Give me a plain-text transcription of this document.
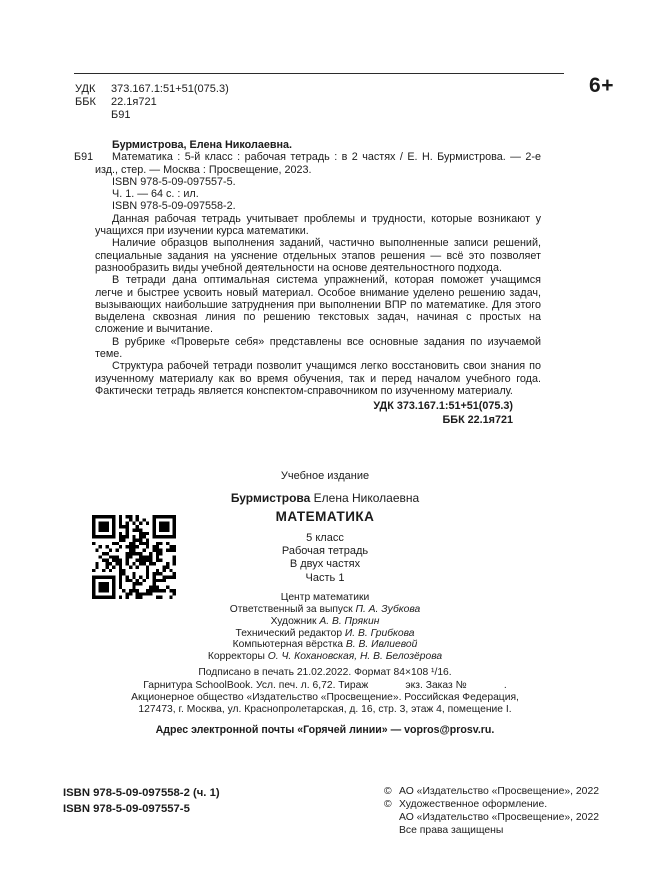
6+
УДК	373.167.1:51+51(075.3)
ББК	22.1я721
Б91

Бурмистрова, Елена Николаевна.

Б91	Математика : 5-й класс : рабочая тетрадь : в 2 частях / Е. Н. Бурмистрова. — 2-е изд., стер. — Москва : Просвещение, 2023.

ISBN 978-5-09-097557-5.

Ч. 1. — 64 с. : ил.

ISBN 978-5-09-097558-2.

Данная рабочая тетрадь учитывает проблемы и трудности, которые возникают у учащихся при изучении курса математики.

Наличие образцов выполнения заданий, частично выполненные записи решений, специальные задания на уяснение отдельных этапов решения — всё это позволяет разнообразить виды учебной деятельности на основе деятельностного подхода.

В тетради дана оптимальная система упражнений, которая поможет учащимся легче и быстрее усвоить новый материал. Особое внимание уделено решению задач, вызывающих наибольшие затруднения при выполнении ВПР по математике. Для этого выделена сквозная линия по решению текстовых задач, начиная с простых на сложение и вычитание.

В рубрике «Проверьте себя» представлены все основные задания по изучаемой теме.

Структура рабочей тетради позволит учащимся легко восстановить свои знания по изученному материалу как во время обучения, так и перед началом учебного года. Фактически тетрадь является конспектом-справочником по изученному материалу.

УДК 373.167.1:51+51(075.3)
ББК 22.1я721
Учебное издание
Бурмистрова Елена Николаевна
МАТЕМАТИКА
5 класс
Рабочая тетрадь
В двух частях
Часть 1
Центр математики
Ответственный за выпуск П. А. Зубкова
Художник А. В. Прякин
Технический редактор И. В. Грибкова
Компьютерная вёрстка В. В. Ивлиевой
Корректоры О. Ч. Кохановская, Н. В. Белозёрова
Подписано в печать 21.02.2022. Формат 84×108 ¹/16.
Гарнитура SchoolBook. Усл. печ. л. 6,72. Тираж             экз. Заказ №             .
Акционерное общество «Издательство «Просвещение». Российская Федерация,
127473, г. Москва, ул. Краснопролетарская, д. 16, стр. 3, этаж 4, помещение I.
Адрес электронной почты «Горячей линии» — vopros@prosv.ru.
ISBN 978-5-09-097558-2 (ч. 1)
ISBN 978-5-09-097557-5
© АО «Издательство «Просвещение», 2022
© Художественное оформление.
АО «Издательство «Просвещение», 2022
Все права защищены
